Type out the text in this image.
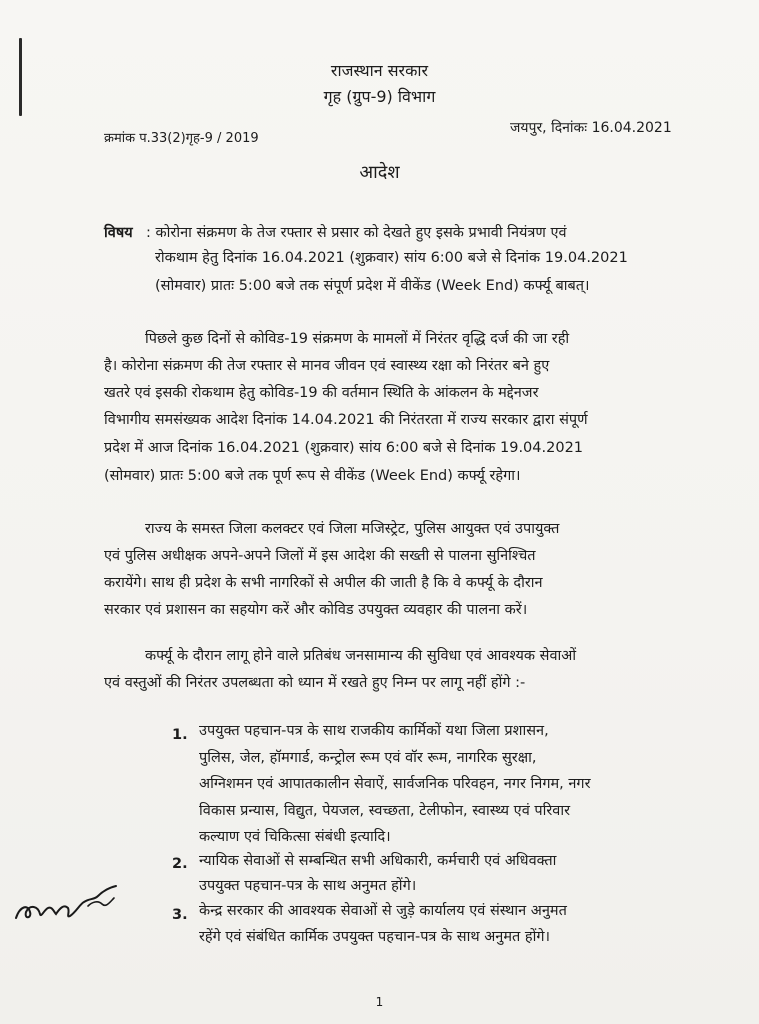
राजस्थान सरकार
गृह (ग्रुप-9) विभाग
क्रमांक प.33(2)गृह-9 / 2019
जयपुर, दिनांकः 16.04.2021
आदेश
विषय : कोरोना संक्रमण के तेज रफ्तार से प्रसार को देखते हुए इसके प्रभावी नियंत्रण एवं
रोकथाम हेतु दिनांक 16.04.2021 (शुक्रवार) सांय 6:00 बजे से दिनांक 19.04.2021
(सोमवार) प्रातः 5:00 बजे तक संपूर्ण प्रदेश में वीकेंड (Week End) कर्फ्यू बाबत्।
पिछले कुछ दिनों से कोविड-19 संक्रमण के मामलों में निरंतर वृद्धि दर्ज की जा रही
है। कोरोना संक्रमण की तेज रफ्तार से मानव जीवन एवं स्वास्थ्य रक्षा को निरंतर बने हुए
खतरे एवं इसकी रोकथाम हेतु कोविड-19 की वर्तमान स्थिति के आंकलन के मद्देनजर
विभागीय समसंख्यक आदेश दिनांक 14.04.2021 की निरंतरता में राज्य सरकार द्वारा संपूर्ण
प्रदेश में आज दिनांक 16.04.2021 (शुक्रवार) सांय 6:00 बजे से दिनांक 19.04.2021
(सोमवार) प्रातः 5:00 बजे तक पूर्ण रूप से वीकेंड (Week End) कर्फ्यू रहेगा।
राज्य के समस्त जिला कलक्टर एवं जिला मजिस्ट्रेट, पुलिस आयुक्त एवं उपायुक्त
एवं पुलिस अधीक्षक अपने-अपने जिलों में इस आदेश की सख्ती से पालना सुनिश्चित
करायेंगे। साथ ही प्रदेश के सभी नागरिकों से अपील की जाती है कि वे कर्फ्यू के दौरान
सरकार एवं प्रशासन का सहयोग करें और कोविड उपयुक्त व्यवहार की पालना करें।
कर्फ्यू के दौरान लागू होने वाले प्रतिबंध जनसामान्य की सुविधा एवं आवश्यक सेवाओं
एवं वस्तुओं की निरंतर उपलब्धता को ध्यान में रखते हुए निम्न पर लागू नहीं होंगे :-
1. उपयुक्त पहचान-पत्र के साथ राजकीय कार्मिकों यथा जिला प्रशासन,
पुलिस, जेल, हॉमगार्ड, कन्ट्रोल रूम एवं वॉर रूम, नागरिक सुरक्षा,
अग्निशमन एवं आपातकालीन सेवाऐं, सार्वजनिक परिवहन, नगर निगम, नगर
विकास प्रन्यास, विद्युत, पेयजल, स्वच्छता, टेलीफोन, स्वास्थ्य एवं परिवार
कल्याण एवं चिकित्सा संबंधी इत्यादि।
2. न्यायिक सेवाओं से सम्बन्धित सभी अधिकारी, कर्मचारी एवं अधिवक्ता
उपयुक्त पहचान-पत्र के साथ अनुमत होंगे।
3. केन्द्र सरकार की आवश्यक सेवाओं से जुड़े कार्यालय एवं संस्थान अनुमत
रहेंगे एवं संबंधित कार्मिक उपयुक्त पहचान-पत्र के साथ अनुमत होंगे।
1
